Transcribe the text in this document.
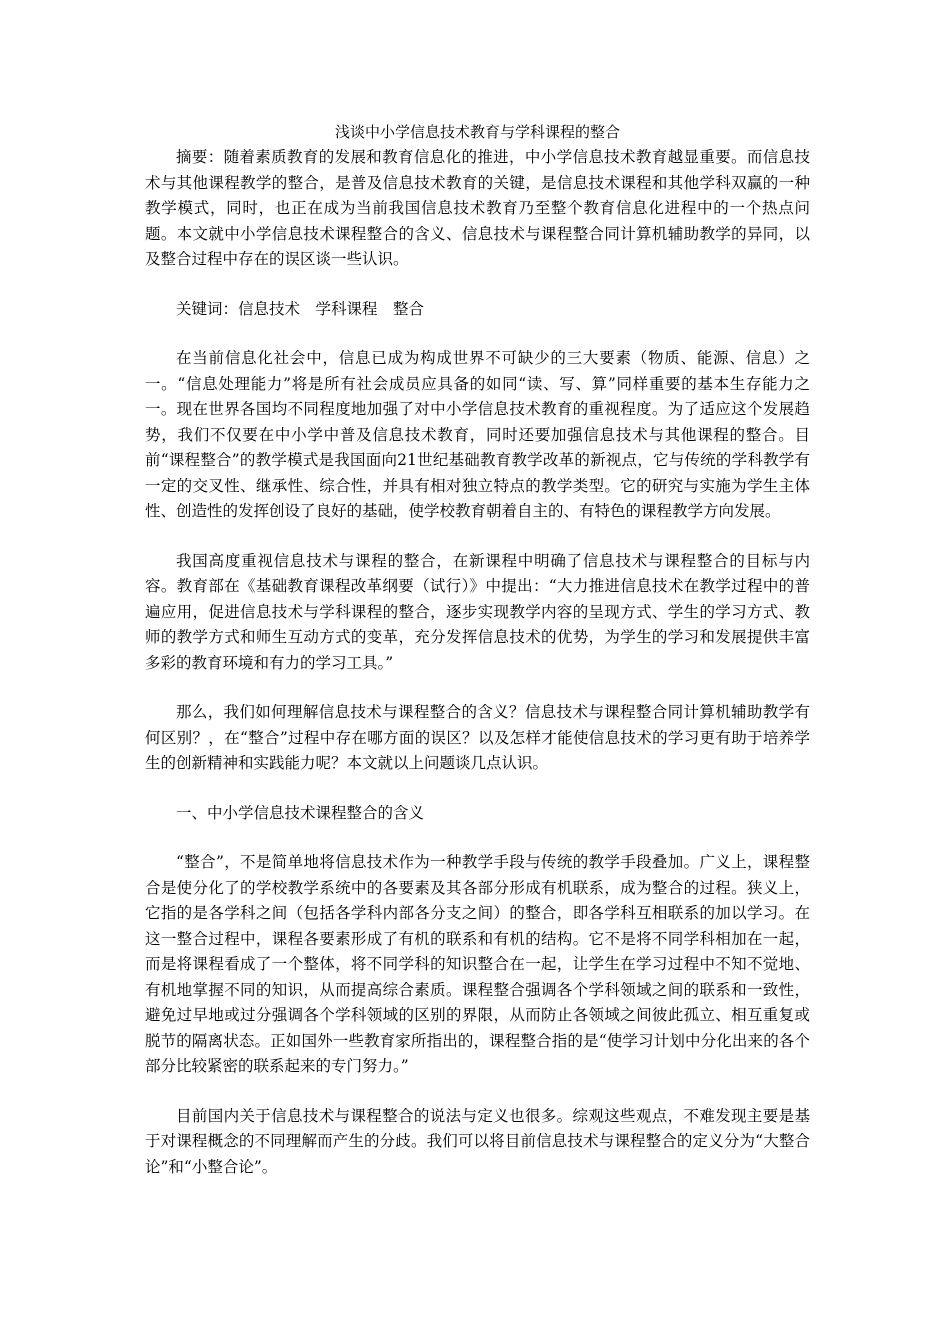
浅谈中小学信息技术教育与学科课程的整合

摘要：随着素质教育的发展和教育信息化的推进，中小学信息技术教育越显重要。而信息技术与其他课程教学的整合，是普及信息技术教育的关键，是信息技术课程和其他学科双赢的一种教学模式，同时，也正在成为当前我国信息技术教育乃至整个教育信息化进程中的一个热点问题。本文就中小学信息技术课程整合的含义、信息技术与课程整合同计算机辅助教学的异同，以及整合过程中存在的误区谈一些认识。

关键词：信息技术　学科课程　整合

在当前信息化社会中，信息已成为构成世界不可缺少的三大要素（物质、能源、信息）之一。“信息处理能力”将是所有社会成员应具备的如同“读、写、算”同样重要的基本生存能力之一。现在世界各国均不同程度地加强了对中小学信息技术教育的重视程度。为了适应这个发展趋势，我们不仅要在中小学中普及信息技术教育，同时还要加强信息技术与其他课程的整合。目前“课程整合”的教学模式是我国面向21世纪基础教育教学改革的新视点，它与传统的学科教学有一定的交叉性、继承性、综合性，并具有相对独立特点的教学类型。它的研究与实施为学生主体性、创造性的发挥创设了良好的基础，使学校教育朝着自主的、有特色的课程教学方向发展。

我国高度重视信息技术与课程的整合，在新课程中明确了信息技术与课程整合的目标与内容。教育部在《基础教育课程改革纲要（试行）》中提出：“大力推进信息技术在教学过程中的普遍应用，促进信息技术与学科课程的整合，逐步实现教学内容的呈现方式、学生的学习方式、教师的教学方式和师生互动方式的变革，充分发挥信息技术的优势，为学生的学习和发展提供丰富多彩的教育环境和有力的学习工具。”

那么，我们如何理解信息技术与课程整合的含义？信息技术与课程整合同计算机辅助教学有何区别？，在“整合”过程中存在哪方面的误区？以及怎样才能使信息技术的学习更有助于培养学生的创新精神和实践能力呢？本文就以上问题谈几点认识。

一、中小学信息技术课程整合的含义

“整合”，不是简单地将信息技术作为一种教学手段与传统的教学手段叠加。广义上，课程整合是使分化了的学校教学系统中的各要素及其各部分形成有机联系，成为整合的过程。狭义上，它指的是各学科之间（包括各学科内部各分支之间）的整合，即各学科互相联系的加以学习。在这一整合过程中，课程各要素形成了有机的联系和有机的结构。它不是将不同学科相加在一起，而是将课程看成了一个整体，将不同学科的知识整合在一起，让学生在学习过程中不知不觉地、有机地掌握不同的知识，从而提高综合素质。课程整合强调各个学科领域之间的联系和一致性，避免过早地或过分强调各个学科领域的区别的界限，从而防止各领域之间彼此孤立、相互重复或脱节的隔离状态。正如国外一些教育家所指出的，课程整合指的是“使学习计划中分化出来的各个部分比较紧密的联系起来的专门努力。”

目前国内关于信息技术与课程整合的说法与定义也很多。综观这些观点，不难发现主要是基于对课程概念的不同理解而产生的分歧。我们可以将目前信息技术与课程整合的定义分为“大整合论”和“小整合论”。
